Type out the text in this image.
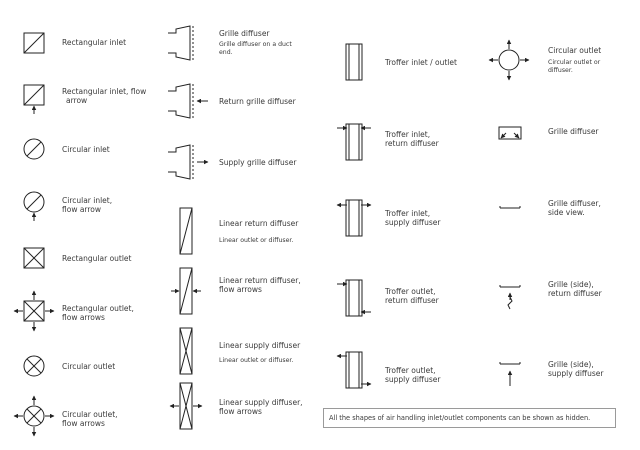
Rectangular inlet
Rectangular inlet, flow
arrow
Circular inlet
Circular inlet,
flow arrow
Rectangular outlet
Rectangular outlet,
flow arrows
Circular outlet
Circular outlet,
flow arrows
Grille diffuser
Grille diffuser on a duct
end.
Return grille diffuser
Supply grille diffuser
Linear return diffuser
Linear outlet or diffuser.
Linear return diffuser,
flow arrows
Linear supply diffuser
Linear outlet or diffuser.
Linear supply diffuser,
flow arrows
Troffer inlet / outlet
Troffer inlet,
return diffuser
Troffer inlet,
supply diffuser
Troffer outlet,
return diffuser
Troffer outlet,
supply diffuser
Circular outlet
Circular outlet or
diffuser.
Grille diffuser
Grille diffuser,
side view.
Grille (side),
return diffuser
Grille (side),
supply diffuser
All the shapes of air handling inlet/outlet components can be shown as hidden.
